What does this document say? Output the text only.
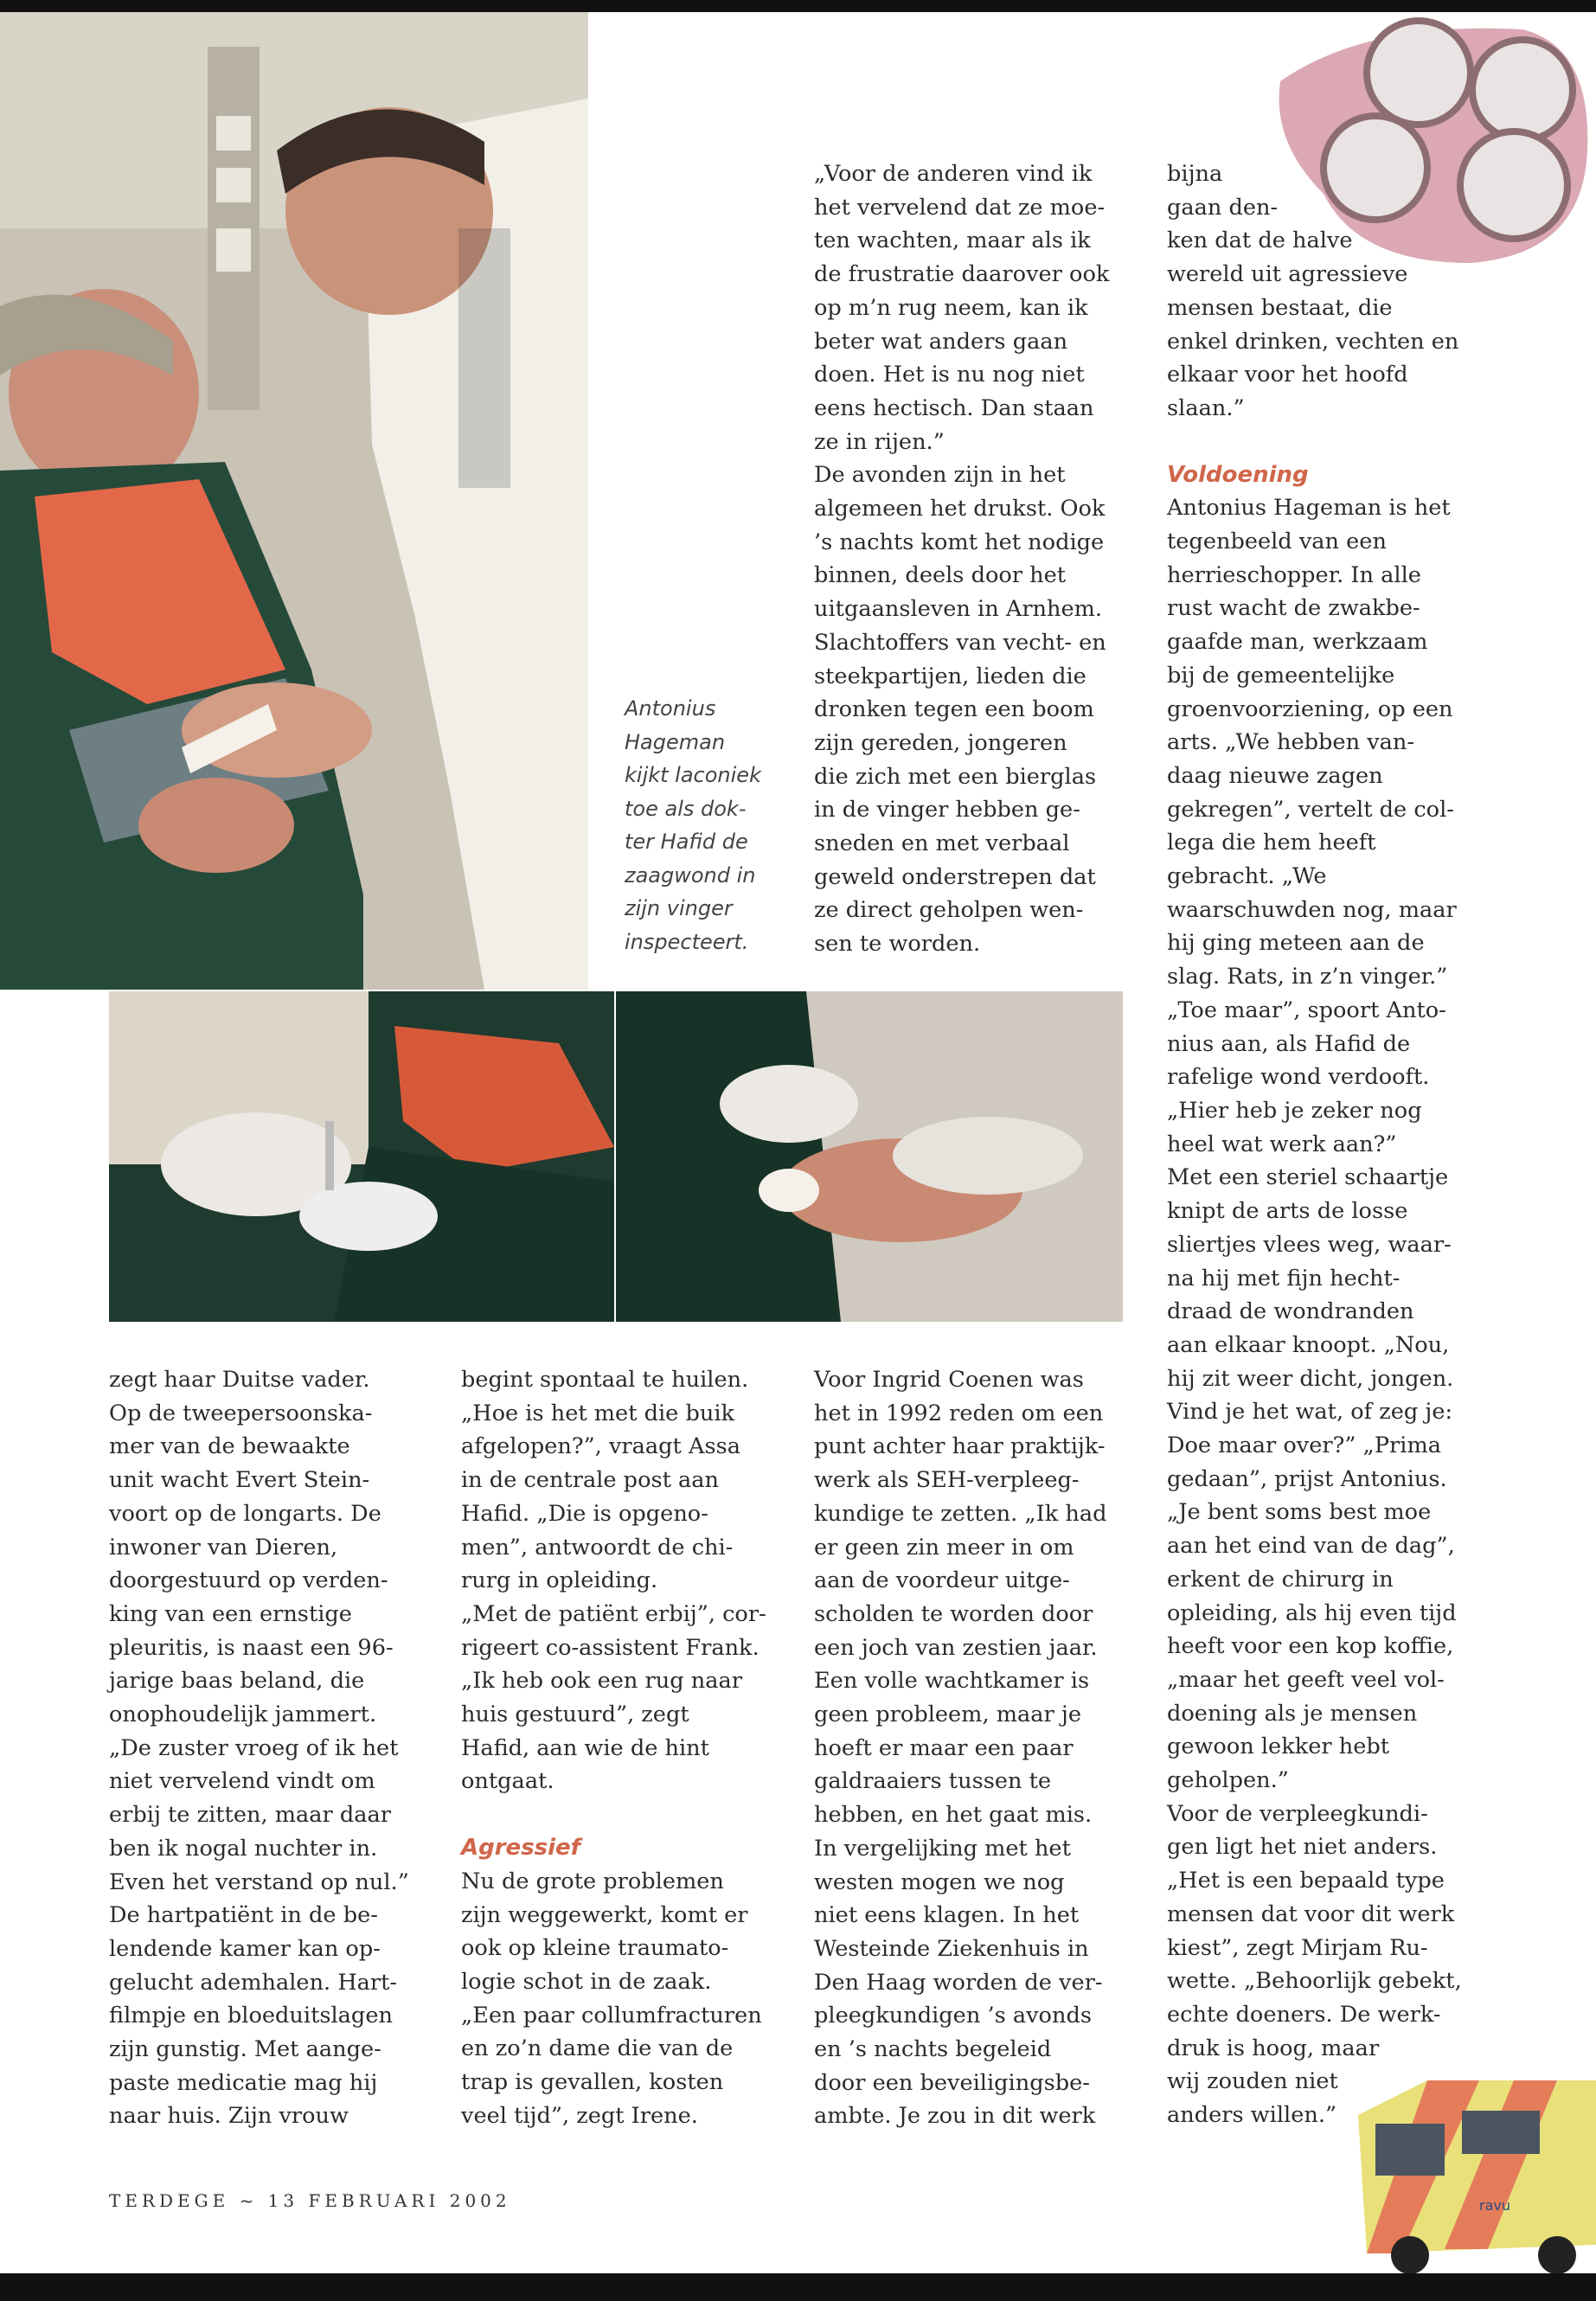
ravu
Antonius
Hageman
kijkt laconiek
toe als dok-
ter Hafid de
zaagwond in
zijn vinger
inspecteert.

„Voor de anderen vind ik

het vervelend dat ze moe-

ten wachten, maar als ik

de frustratie daarover ook

op m’n rug neem, kan ik

beter wat anders gaan

doen. Het is nu nog niet

eens hectisch. Dan staan

ze in rijen.”

De avonden zijn in het

algemeen het drukst. Ook

’s nachts komt het nodige

binnen, deels door het

uitgaansleven in Arnhem.

Slachtoffers van vecht- en

steekpartijen, lieden die

dronken tegen een boom

zijn gereden, jongeren

die zich met een bierglas

in de vinger hebben ge-

sneden en met verbaal

geweld onderstrepen dat

ze direct geholpen wen-

sen te worden.

bijna

gaan den-

ken dat de halve

wereld uit agressieve

mensen bestaat, die

enkel drinken, vechten en

elkaar voor het hoofd

slaan.”

Voldoening

Antonius Hageman is het

tegenbeeld van een

herrieschopper. In alle

rust wacht de zwakbe-

gaafde man, werkzaam

bij de gemeentelijke

groenvoorziening, op een

arts. „We hebben van-

daag nieuwe zagen

gekregen”, vertelt de col-

lega die hem heeft

gebracht. „We

waarschuwden nog, maar

hij ging meteen aan de

slag. Rats, in z’n vinger.”

„Toe maar”, spoort Anto-

nius aan, als Hafid de

rafelige wond verdooft.

„Hier heb je zeker nog

heel wat werk aan?”

Met een steriel schaartje

knipt de arts de losse

sliertjes vlees weg, waar-

na hij met fijn hecht-

draad de wondranden

aan elkaar knoopt. „Nou,

hij zit weer dicht, jongen.

Vind je het wat, of zeg je:

Doe maar over?” „Prima

gedaan”, prijst Antonius.

„Je bent soms best moe

aan het eind van de dag”,

erkent de chirurg in

opleiding, als hij even tijd

heeft voor een kop koffie,

„maar het geeft veel vol-

doening als je mensen

gewoon lekker hebt

geholpen.”

Voor de verpleegkundi-

gen ligt het niet anders.

„Het is een bepaald type

mensen dat voor dit werk

kiest”, zegt Mirjam Ru-

wette. „Behoorlijk gebekt,

echte doeners. De werk-

druk is hoog, maar

wij zouden niet

anders willen.”

zegt haar Duitse vader.

Op de tweepersoonska-

mer van de bewaakte

unit wacht Evert Stein-

voort op de longarts. De

inwoner van Dieren,

doorgestuurd op verden-

king van een ernstige

pleuritis, is naast een 96-

jarige baas beland, die

onophoudelijk jammert.

„De zuster vroeg of ik het

niet vervelend vindt om

erbij te zitten, maar daar

ben ik nogal nuchter in.

Even het verstand op nul.”

De hartpatiënt in de be-

lendende kamer kan op-

gelucht ademhalen. Hart-

filmpje en bloeduitslagen

zijn gunstig. Met aange-

paste medicatie mag hij

naar huis. Zijn vrouw

begint spontaal te huilen.

„Hoe is het met die buik

afgelopen?”, vraagt Assa

in de centrale post aan

Hafid. „Die is opgeno-

men”, antwoordt de chi-

rurg in opleiding.

„Met de patiënt erbij”, cor-

rigeert co-assistent Frank.

„Ik heb ook een rug naar

huis gestuurd”, zegt

Hafid, aan wie de hint

ontgaat.

Agressief

Nu de grote problemen

zijn weggewerkt, komt er

ook op kleine traumato-

logie schot in de zaak.

„Een paar collumfracturen

en zo’n dame die van de

trap is gevallen, kosten

veel tijd”, zegt Irene.

Voor Ingrid Coenen was

het in 1992 reden om een

punt achter haar praktijk-

werk als SEH-verpleeg-

kundige te zetten. „Ik had

er geen zin meer in om

aan de voordeur uitge-

scholden te worden door

een joch van zestien jaar.

Een volle wachtkamer is

geen probleem, maar je

hoeft er maar een paar

galdraaiers tussen te

hebben, en het gaat mis.

In vergelijking met het

westen mogen we nog

niet eens klagen. In het

Westeinde Ziekenhuis in

Den Haag worden de ver-

pleegkundigen ’s avonds

en ’s nachts begeleid

door een beveiligingsbe-

ambte. Je zou in dit werk

TERDEGE ~ 13 FEBRUARI 2002
